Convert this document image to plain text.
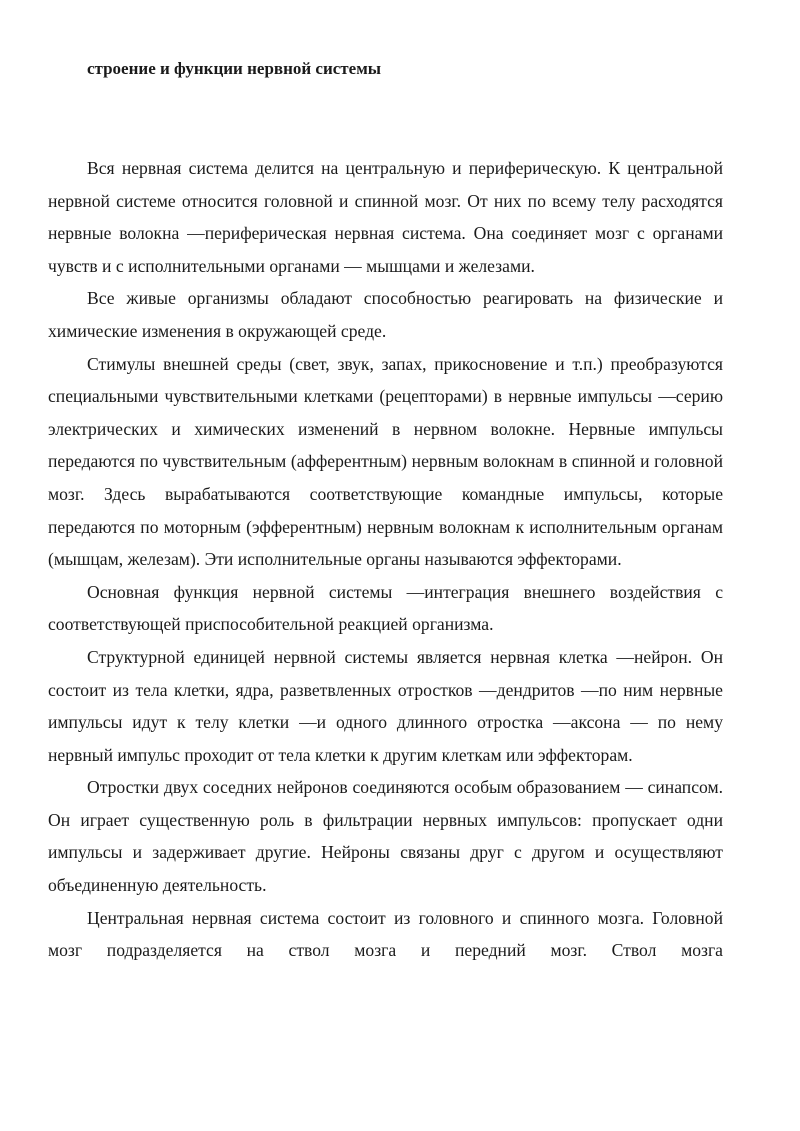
строение и функции нервной системы

Вся нервная система делится на центральную и периферическую. К центральной нервной системе относится головной и спинной мозг. От них по всему телу расходятся нервные волокна —периферическая нервная система. Она соединяет мозг с органами чувств и с исполнительными органами — мышцами и железами.

Все живые организмы обладают способностью реагировать на физические и химические изменения в окружающей среде.

Стимулы внешней среды (свет, звук, запах, прикосновение и т.п.) преобразуются специальными чувствительными клетками (рецепторами) в нервные импульсы —серию электрических и химических изменений в нервном волокне. Нервные импульсы передаются по чувствительным (афферентным) нервным волокнам в спинной и головной мозг. Здесь вырабатываются соответствующие командные импульсы, которые передаются по моторным (эфферентным) нервным волокнам к исполнительным органам (мышцам, железам). Эти исполнительные органы называются эффекторами.

Основная функция нервной системы —интеграция внешнего воздействия с соответствующей приспособительной реакцией организма.

Структурной единицей нервной системы является нервная клетка —нейрон. Он состоит из тела клетки, ядра, разветвленных отростков —дендритов —по ним нервные импульсы идут к телу клетки —и одного длинного отростка —аксона — по нему нервный импульс проходит от тела клетки к другим клеткам или эффекторам.

Отростки двух соседних нейронов соединяются особым образованием — синапсом. Он играет существенную роль в фильтрации нервных импульсов: пропускает одни импульсы и задерживает другие. Нейроны связаны друг с другом и осуществляют объединенную деятельность.

Центральная нервная система состоит из головного и спинного мозга. Головной мозг подразделяется на ствол мозга и передний мозг. Ствол мозга
